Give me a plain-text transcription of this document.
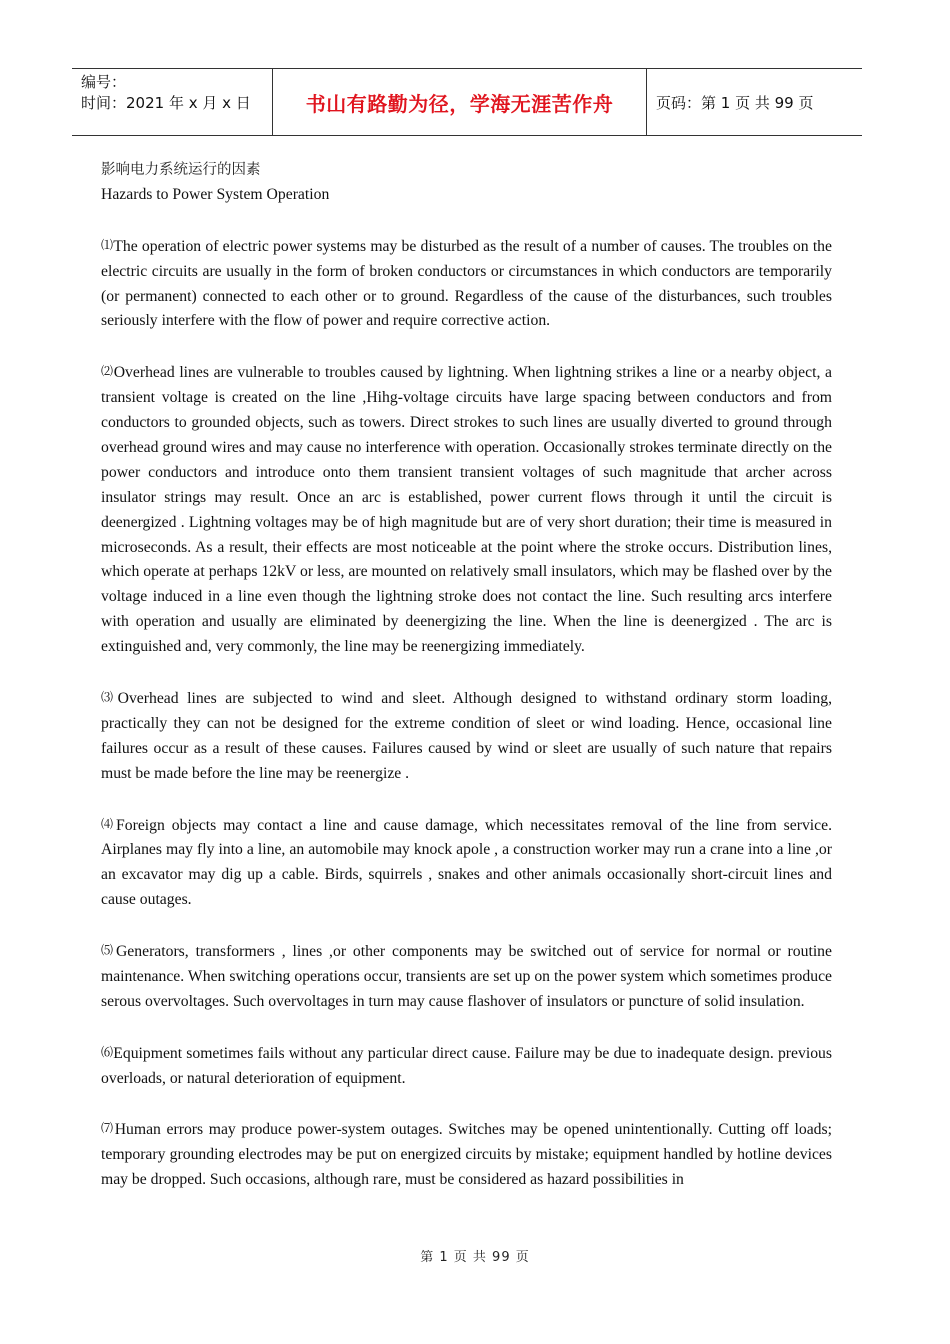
编号：
时间：2021 年 x 月 x 日	书山有路勤为径，学海无涯苦作舟	页码：第 1 页 共 99 页
影响电力系统运行的因素
Hazards to Power System Operation

⑴The operation of electric power systems may be disturbed as the result of a number of causes. The troubles on the electric circuits are usually in the form of broken conductors or circumstances in which conductors are temporarily (or permanent) connected to each other or to ground. Regardless of the cause of the disturbances, such troubles seriously interfere with the flow of power and require corrective action.

⑵Overhead lines are vulnerable to troubles caused by lightning. When lightning strikes a line or a nearby object, a transient voltage is created on the line ,Hihg-voltage circuits have large spacing between conductors and from conductors to grounded objects, such as towers. Direct strokes to such lines are usually diverted to ground through overhead ground wires and may cause no interference with operation. Occasionally strokes terminate directly on the power conductors and introduce onto them transient transient voltages of such magnitude that archer across insulator strings may result. Once an arc is established, power current flows through it until the circuit is deenergized . Lightning voltages may be of high magnitude but are of very short duration; their time is measured in microseconds. As a result, their effects are most noticeable at the point where the stroke occurs. Distribution lines, which operate at perhaps 12kV or less, are mounted on relatively small insulators, which may be flashed over by the voltage induced in a line even though the lightning stroke does not contact the line. Such resulting arcs interfere with operation and usually are eliminated by deenergizing the line. When the line is deenergized . The arc is extinguished and, very commonly, the line may be reenergizing immediately.

⑶Overhead lines are subjected to wind and sleet. Although designed to withstand ordinary storm loading, practically they can not be designed for the extreme condition of sleet or wind loading. Hence, occasional line failures occur as a result of these causes. Failures caused by wind or sleet are usually of such nature that repairs must be made before the line may be reenergize .

⑷Foreign objects may contact a line and cause damage, which necessitates removal of the line from service. Airplanes may fly into a line, an automobile may knock apole , a construction worker may run a crane into a line ,or an excavator may dig up a cable. Birds, squirrels , snakes and other animals occasionally short-circuit lines and cause outages.

⑸Generators, transformers , lines ,or other components may be switched out of service for normal or routine maintenance. When switching operations occur, transients are set up on the power system which sometimes produce serous overvoltages. Such overvoltages in turn may cause flashover of insulators or puncture of solid insulation.

⑹Equipment sometimes fails without any particular direct cause. Failure may be due to inadequate design. previous overloads, or natural deterioration of equipment.

⑺Human errors may produce power-system outages. Switches may be opened unintentionally. Cutting off loads; temporary grounding electrodes may be put on energized circuits by mistake; equipment handled by hotline devices may be dropped. Such occasions, although rare, must be considered as hazard possibilities in

第 1 页 共 99 页
